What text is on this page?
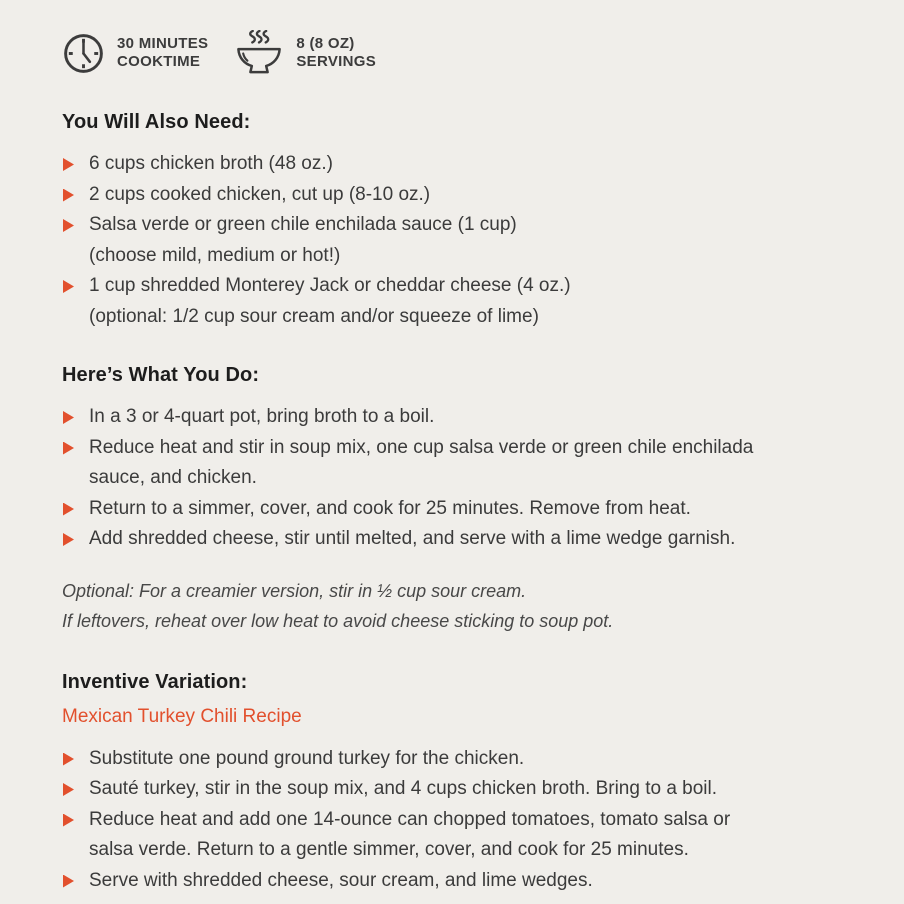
30 MINUTES
COOKTIME
8 (8 OZ)
SERVINGS
You Will Also Need:
6 cups chicken broth (48 oz.)
2 cups cooked chicken, cut up (8-10 oz.)
Salsa verde or green chile enchilada sauce (1 cup)
(choose mild, medium or hot!)
1 cup shredded Monterey Jack or cheddar cheese (4 oz.)
(optional: 1/2 cup sour cream and/or squeeze of lime)
Here’s What You Do:
In a 3 or 4-quart pot, bring broth to a boil.
Reduce heat and stir in soup mix, one cup salsa verde or green chile enchilada
sauce, and chicken.
Return to a simmer, cover, and cook for 25 minutes. Remove from heat.
Add shredded cheese, stir until melted, and serve with a lime wedge garnish.
Optional: For a creamier version, stir in ½ cup sour cream.
If leftovers, reheat over low heat to avoid cheese sticking to soup pot.
Inventive Variation:
Mexican Turkey Chili Recipe
Substitute one pound ground turkey for the chicken.
Sauté turkey, stir in the soup mix, and 4 cups chicken broth. Bring to a boil.
Reduce heat and add one 14-ounce can chopped tomatoes, tomato salsa or
salsa verde. Return to a gentle simmer, cover, and cook for 25 minutes.
Serve with shredded cheese, sour cream, and lime wedges.
